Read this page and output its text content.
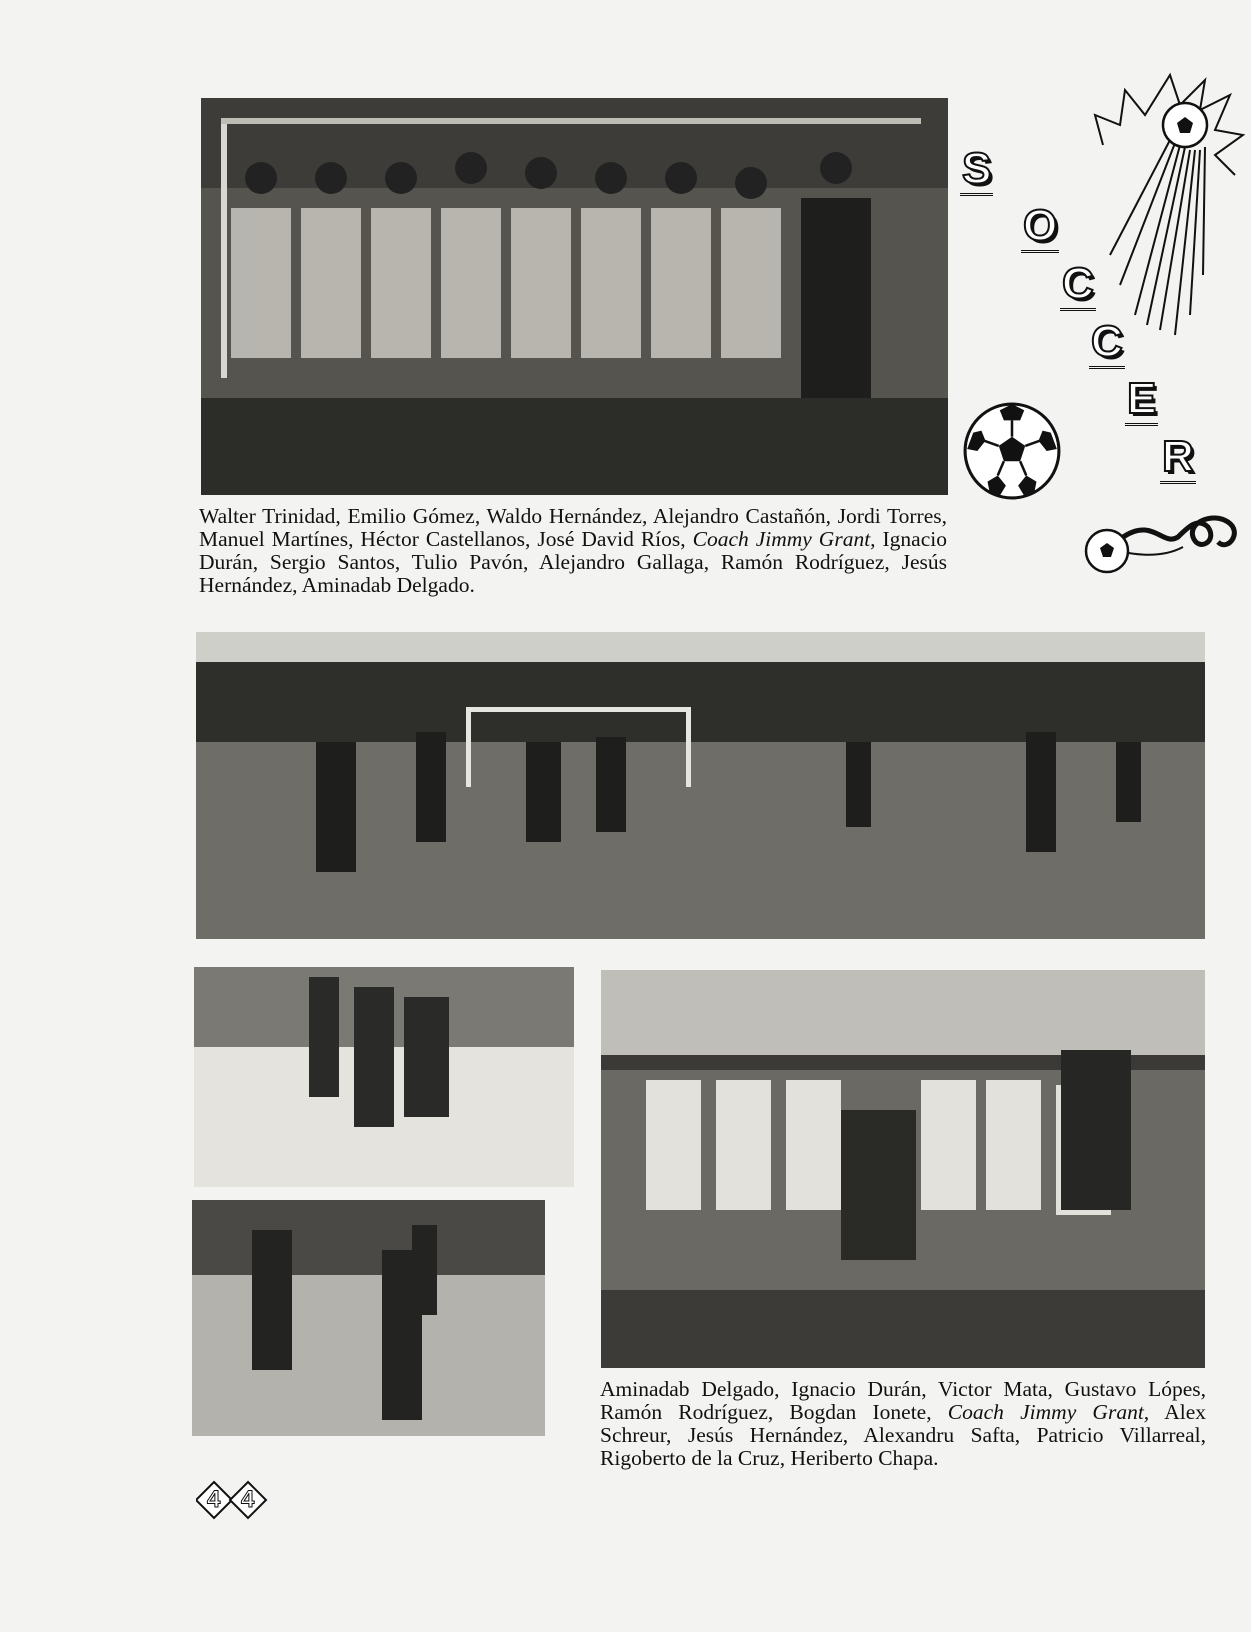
Walter Trinidad, Emilio Gómez, Waldo Hernández, Alejandro Castañón, Jordi Torres, Manuel Martínes, Héctor Castellanos, José David Ríos, Coach Jimmy Grant, Ignacio Durán, Sergio Santos, Tulio Pavón, Alejandro Gallaga, Ramón Rodríguez, Jesús Hernández, Aminadab Delgado.
S
O
C
C
E
R
Aminadab Delgado, Ignacio Durán, Victor Mata, Gustavo Lópes, Ramón Rodríguez, Bogdan Ionete, Coach Jimmy Grant, Alex Schreur, Jesús Hernández, Alexandru Safta, Patricio Villarreal, Rigoberto de la Cruz, Heriberto Chapa.
4 4
